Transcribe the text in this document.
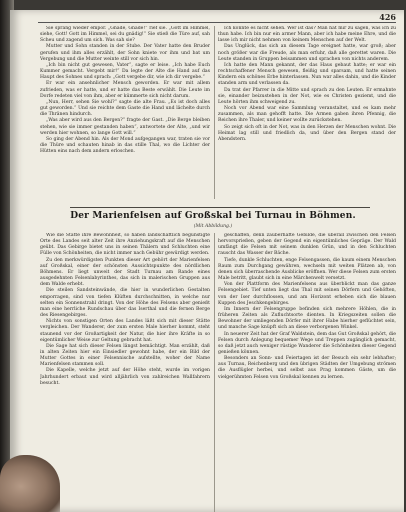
426

Sie sprang wieder empor. „Gnade, Gnade!“ rief sie. „Gott im Himmel, siehe, Gott! Gott im Himmel, sei du gnädig!“ Sie stieß die Türe auf, sah Scheu und zagend um sich. Was sah sie?

Mutter und Sohn standen in der Stube. Der Vater hatte den Bruder gerufen und ihm alles erzählt, der Sohn kniete vor ihm und bat um Vergebung und die Mutter weinte still vor sich hin.

„Ich bin nicht gut gewesen, Vater“, sagte er leise. „Ich habe Euch Kummer gemacht. Vergebt mir!“ Da legte der Alte die Hand auf das Haupt des Sohnes und sprach: „Gott vergebe dir, wie ich dir vergebe.“

Er war ein ansehnlicher Mensch geworden. Er war mit allem zufrieden, was er hatte, und er hatte das Beste erwählt. Die Leute im Dorfe redeten viel von ihm, aber er kümmerte sich nicht darum.

„Nun, Herr, sehen Sie wohl?“ sagte die alte Frau. „Es ist doch alles gut geworden.“ Und sie reichte dem Gaste die Hand und lächelte durch die Thränen hindurch.

„Was aber wird aus den Bergen?“ fragte der Gast. „Die Berge bleiben stehen, wie sie immer gestanden haben“, antwortete der Alte, „und wir werden hier wohnen, so lange Gott will.“

So ging der Abend hin. Als der Mond aufgegangen war, traten sie vor die Thüre und schauten hinab in das stille Thal, wo die Lichter der Hütten eins nach dem andern erloschen.

Ich konnte es nicht sehen. Wer ist das? Man hat mir zu sagen, was ich zu thun habe. Ich bin nur ein armer Mann, aber ich habe meine Ehre, und die lasse ich mir nicht nehmen von keinem Menschen auf der Welt.

Das Unglück, das sich an diesem Tage ereignet hatte, war groß; aber noch größer war die Freude, als man erfuhr, daß alle gerettet waren. Die Leute standen in Gruppen beisammen und sprachen von nichts anderem.

Ich hatte den Mann gekannt, der das Haus gebaut hatte; er war ein rechtschaffener Mensch gewesen, fleißig und sparsam, und hatte seinen Kindern ein schönes Erbe hinterlassen. Nun war alles dahin, und die Kinder standen arm und verlassen da.

Da trat der Pfarrer in die Mitte und sprach zu den Leuten. Er ermahnte sie, einander beizustehen in der Not, wie es Christen geziemt, und die Leute hörten ihm schweigend zu.

Noch vor Abend war eine Sammlung veranstaltet, und es kam mehr zusammen, als man gehofft hatte. Die Armen gaben ihren Pfennig, die Reichen ihre Thaler, und keiner wollte zurückstehen.

So zeigt sich oft in der Not, was in den Herzen der Menschen wohnt. Die Heimat lag still und friedlich da, und über den Bergen stand der Abendstern.

Der Marienfelsen auf Großskal bei Turnau in Böhmen.
(Mit Abbildung.)

Wie die Stätte ihre Bewohnheit, so haben landschaftlich begünstigte Orte des Landes seit alter Zeit ihre Anziehungskraft auf die Menschen geübt. Das Gebirge bietet uns in seinen Thälern und Schluchten eine Fülle von Schönheiten, die nicht immer nach Gebühr gewürdigt werden.

Zu den merkwürdigsten Punkten dieser Art gehört der Marienfelsen auf Großskal, einer der schönsten Aussichtspunkte des nördlichen Böhmens. Er liegt unweit der Stadt Turnau am Rande eines ausgedehnten Felsenlabyrinthes, das sich in malerischen Gruppen aus dem Walde erhebt.

Die steilen Sandsteinwände, die hier in wunderlichen Gestalten emporragen, sind von tiefen Klüften durchschnitten, in welche nur selten ein Sonnenstrahl dringt. Von der Höhe des Felsens aber genießt man eine herrliche Rundschau über das Iserthal und die fernen Berge des Riesengebirges.

Nichts von sonstigen Orten des Landes läßt sich mit dieser Stätte vergleichen. Der Wanderer, der zum ersten Male hierher kommt, steht staunend vor der Großartigkeit der Natur, die hier ihre Kräfte in so eigentümlicher Weise zur Geltung gebracht hat.

Die Sage hat sich dieser Felsen längst bemächtigt. Man erzählt, daß in alten Zeiten hier ein Einsiedler gewohnt habe, der ein Bild der Mutter Gottes in einer Felsennische aufstellte, woher der Name Marienfelsen stammen soll.

Die Kapelle, welche jetzt auf der Höhe steht, wurde im vorigen Jahrhundert erbaut und wird alljährlich von zahlreichen Wallfahrern besucht.

geschaffen, denn zauberhafte Gebilde, die überall zwischen den Felsen hervorsprießen, geben der Gegend ein eigentümliches Gepräge. Der Wald umfängt die Felsen mit seinem dunklen Grün, und in den Schluchten rauscht das Wasser der Bäche.

Tiefe, dunkle Schluchten, enge Felsengassen, die kaum einem Menschen Raum zum Durchgang gewähren, wechseln mit weiten Plätzen ab, von denen sich überraschende Ausblicke eröffnen. Wer diese Felsen zum ersten Male betritt, glaubt sich in eine Märchenwelt versetzt.

Von der Plattform des Marienfelsens aus überblickt man das ganze Felsengebiet. Tief unten liegt das Thal mit seinen Dörfern und Gehöften, von der Iser durchflossen, und am Horizont erheben sich die blauen Kuppen des Jeschkengebirges.

Im Innern der Felsengruppe befinden sich mehrere Höhlen, die in früheren Zeiten als Zufluchtsorte dienten. In Kriegszeiten sollen die Bewohner der umliegenden Dörfer mit ihrer Habe hierher geflüchtet sein, und manche Sage knüpft sich an diese verborgenen Winkel.

In neuerer Zeit hat der Graf Waldstein, dem das Gut Großskal gehört, die Felsen durch Anlegung bequemer Wege und Treppen zugänglich gemacht, so daß jetzt auch weniger rüstige Wanderer die Schönheiten dieser Gegend genießen können.

Besonders an Sonn- und Feiertagen ist der Besuch ein sehr lebhafter; aus Turnau, Reichenberg und den übrigen Städten der Umgebung strömen die Ausflügler herbei, und selbst aus Prag kommen Gäste, um die vielgerühmten Felsen von Großskal kennen zu lernen.
